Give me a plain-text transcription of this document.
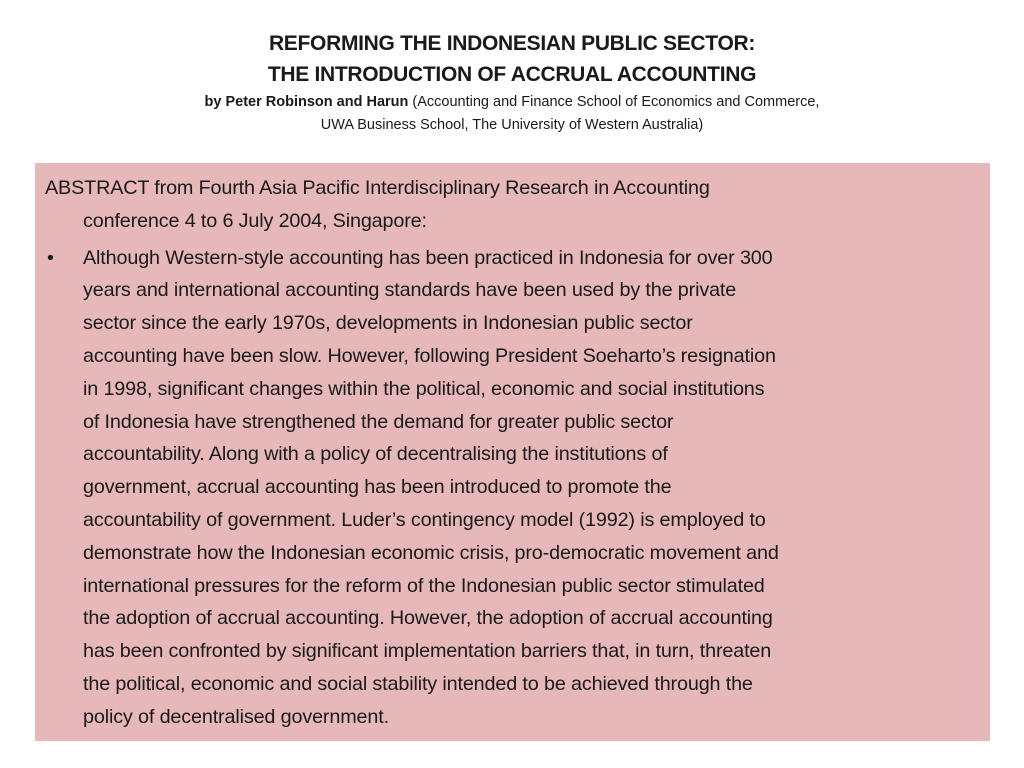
REFORMING THE INDONESIAN PUBLIC SECTOR:
THE INTRODUCTION OF ACCRUAL ACCOUNTING
by Peter Robinson and Harun (Accounting and Finance School of Economics and Commerce,
UWA Business School, The University of Western Australia)
ABSTRACT from Fourth Asia Pacific Interdisciplinary Research in Accounting
conference 4 to 6 July 2004, Singapore:
•	Although Western-style accounting has been practiced in Indonesia for over 300
years and international accounting standards have been used by the private
sector since the early 1970s, developments in Indonesian public sector
accounting have been slow. However, following President Soeharto’s resignation
in 1998, significant changes within the political, economic and social institutions
of Indonesia have strengthened the demand for greater public sector
accountability. Along with a policy of decentralising the institutions of
government, accrual accounting has been introduced to promote the
accountability of government. Luder’s contingency model (1992) is employed to
demonstrate how the Indonesian economic crisis, pro-democratic movement and
international pressures for the reform of the Indonesian public sector stimulated
the adoption of accrual accounting. However, the adoption of accrual accounting
has been confronted by significant implementation barriers that, in turn, threaten
the political, economic and social stability intended to be achieved through the
policy of decentralised government.
